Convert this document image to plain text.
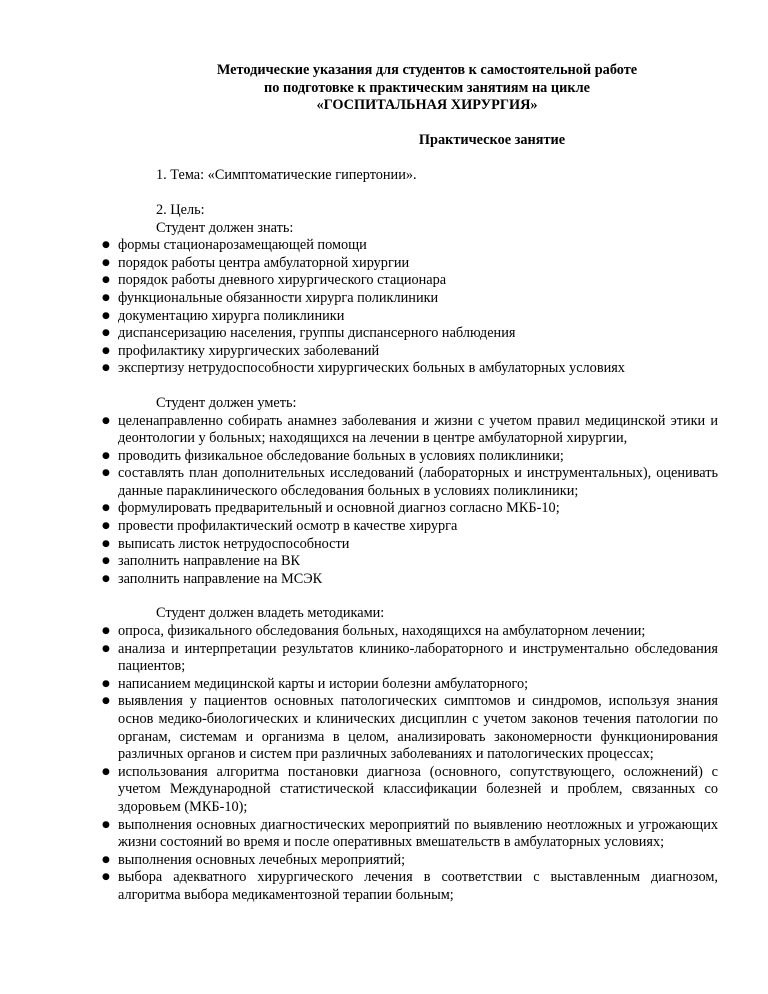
Методические указания для студентов к самостоятельной работе
по подготовке к практическим занятиям на цикле
«ГОСПИТАЛЬНАЯ ХИРУРГИЯ»
Практическое занятие
1. Тема: «Симптоматические гипертонии».
2. Цель:
Студент должен знать:
● формы стационарозамещающей помощи
● порядок работы центра амбулаторной хирургии
● порядок работы дневного хирургического стационара
● функциональные обязанности хирурга поликлиники
● документацию хирурга поликлиники
● диспансеризацию населения, группы диспансерного наблюдения
● профилактику хирургических заболеваний
● экспертизу нетрудоспособности хирургических больных в амбулаторных условиях
Студент должен уметь:
● целенаправленно собирать анамнез заболевания и жизни с учетом правил медицинской этики и деонтологии у больных; находящихся на лечении в центре амбулаторной хирургии,
● проводить физикальное обследование больных в условиях поликлиники;
● составлять план дополнительных исследований (лабораторных и инструментальных), оценивать данные параклинического обследования больных в условиях поликлиники;
● формулировать предварительный и основной диагноз согласно МКБ-10;
● провести профилактический осмотр в качестве хирурга
● выписать листок нетрудоспособности
● заполнить направление на ВК
● заполнить направление на МСЭК
Студент должен владеть методиками:
● опроса, физикального обследования больных, находящихся на амбулаторном лечении;
● анализа и интерпретации результатов клинико-лабораторного и инструментально обследования пациентов;
● написанием медицинской карты и истории болезни амбулаторного;
● выявления у пациентов основных патологических симптомов и синдромов, используя знания основ медико-биологических и клинических дисциплин с учетом законов течения патологии по органам, системам и организма в целом, анализировать закономерности функционирования различных органов и систем при различных заболеваниях и патологических процессах;
● использования алгоритма постановки диагноза (основного, сопутствующего, осложнений) с учетом Международной статистической классификации болезней и проблем, связанных со здоровьем (МКБ-10);
● выполнения основных диагностических мероприятий по выявлению неотложных и угрожающих жизни состояний во время и после оперативных вмешательств в амбулаторных условиях;
● выполнения основных лечебных мероприятий;
● выбора адекватного хирургического лечения в соответствии с выставленным диагнозом, алгоритма выбора медикаментозной терапии больным;
